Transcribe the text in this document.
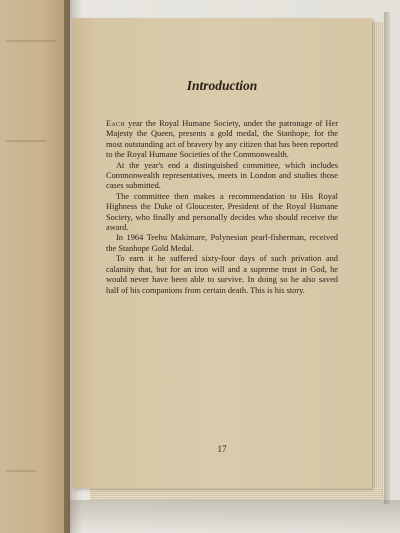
Introduction

Each year the Royal Humane Society, under the patronage of Her Majesty the Queen, presents a gold medal, the Stanhope, for the most outstanding act of bravery by any citizen that has been reported to the Royal Humane Societies of the Commonwealth.

At the year's end a distinguished committee, which includes Commonwealth representatives, meets in London and studies those cases submitted.

The committee then makes a recommendation to His Royal Highness the Duke of Gloucester, President of the Royal Humane Society, who finally and personally decides who should receive the award.

In 1964 Teehu Makimare, Polynesian pearl-fisherman, received the Stanhope Gold Medal.

To earn it he suffered sixty-four days of such privation and calamity that, but for an iron will and a supreme trust in God, he would never have been able to survive. In doing so he also saved half of his companions from certain death. This is his story.

17
